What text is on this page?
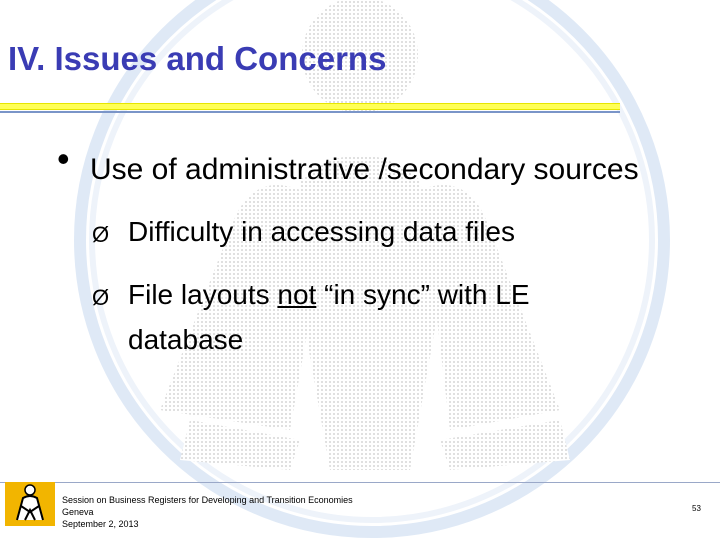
IV. Issues and Concerns
• Use of administrative /secondary sources
Ø Difficulty in accessing data files
Ø File layouts not “in sync” with LE
database
Session on Business Registers for Developing and Transition Economies
Geneva
September 2, 2013
53
